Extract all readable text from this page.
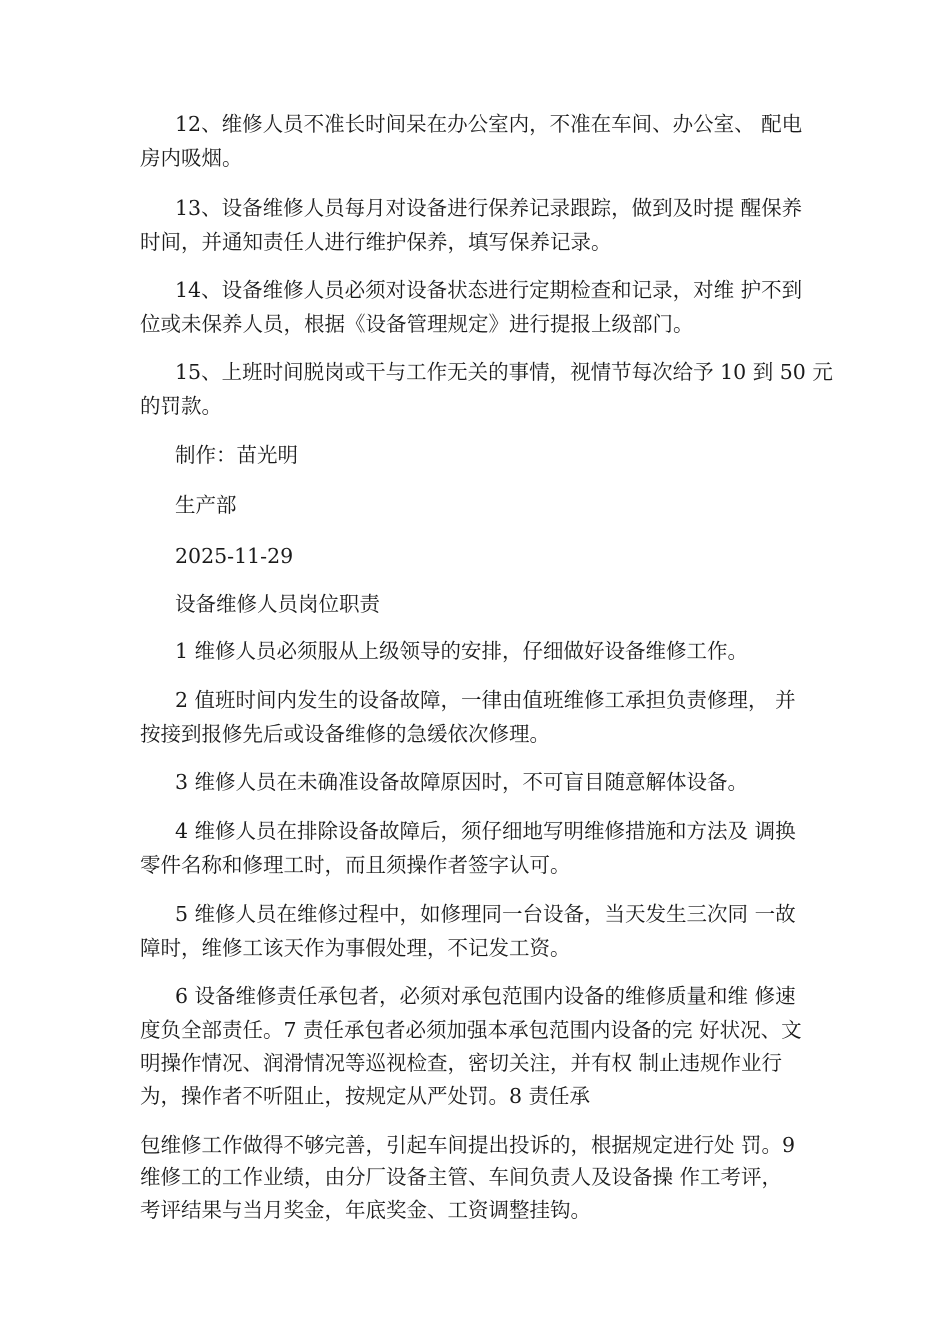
12、维修人员不准长时间呆在办公室内，不准在车间、办公室、 配电

房内吸烟。

13、设备维修人员每月对设备进行保养记录跟踪，做到及时提 醒保养

时间，并通知责任人进行维护保养，填写保养记录。

14、设备维修人员必须对设备状态进行定期检查和记录，对维 护不到

位或未保养人员，根据《设备管理规定》进行提报上级部门。

15、上班时间脱岗或干与工作无关的事情，视情节每次给予 10 到 50 元

的罚款。

制作：苗光明

生产部

2025-11-29

设备维修人员岗位职责

1 维修人员必须服从上级领导的安排，仔细做好设备维修工作。

2 值班时间内发生的设备故障，一律由值班维修工承担负责修理， 并

按接到报修先后或设备维修的急缓依次修理。

3 维修人员在未确准设备故障原因时，不可盲目随意解体设备。

4 维修人员在排除设备故障后，须仔细地写明维修措施和方法及 调换

零件名称和修理工时，而且须操作者签字认可。

5 维修人员在维修过程中，如修理同一台设备，当天发生三次同 一故

障时，维修工该天作为事假处理，不记发工资。

6 设备维修责任承包者，必须对承包范围内设备的维修质量和维 修速

度负全部责任。7 责任承包者必须加强本承包范围内设备的完 好状况、文

明操作情况、润滑情况等巡视检查，密切关注，并有权 制止违规作业行

为，操作者不听阻止，按规定从严处罚。8 责任承

包维修工作做得不够完善，引起车间提出投诉的，根据规定进行处 罚。9

维修工的工作业绩，由分厂设备主管、车间负责人及设备操 作工考评，

考评结果与当月奖金，年底奖金、工资调整挂钩。
